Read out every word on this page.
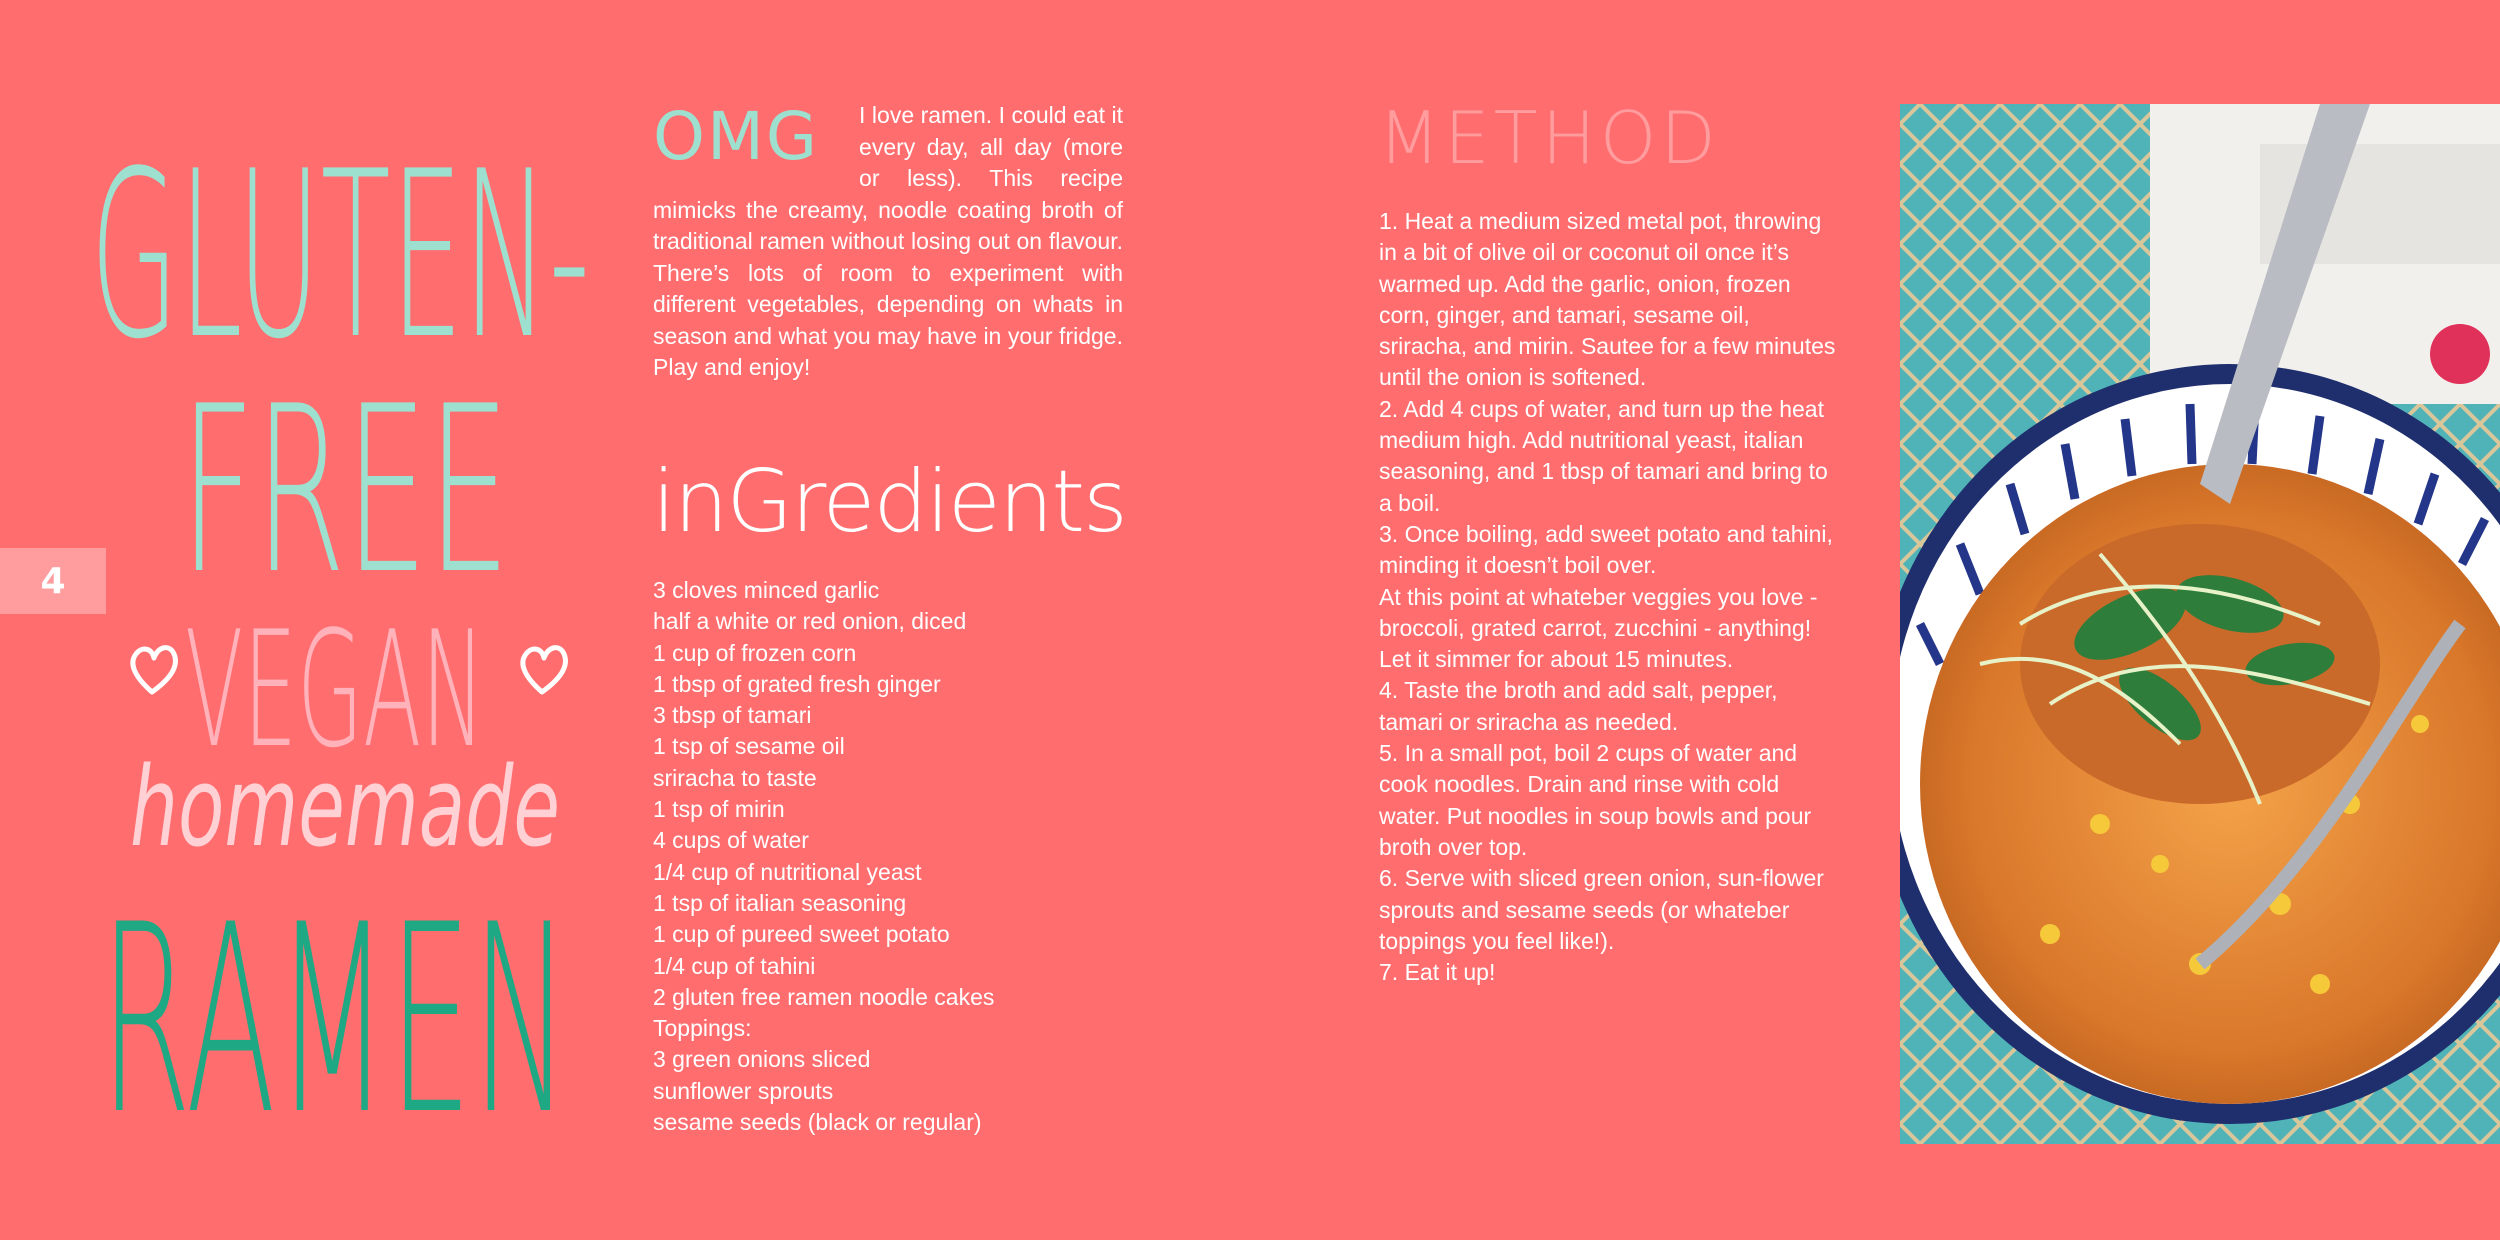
4
GLUTEN-
FREE
VEGAN
homemade
RAMEN
OMG I love ramen. I could eat it every day, all day (more or less). This recipe mimicks the creamy, noodle coating broth of traditional ramen without losing out on flavour. There’s lots of room to experiment with different vegetables, depending on whats in season and what you may have in your fridge. Play and enjoy!
inGredients
3 cloves minced garlic
half a white or red onion, diced
1 cup of frozen corn
1 tbsp of grated fresh ginger
3 tbsp of tamari
1 tsp of sesame oil
sriracha to taste
1 tsp of mirin
4 cups of water
1/4 cup of nutritional yeast
1 tsp of italian seasoning
1 cup of pureed sweet potato
1/4 cup of tahini
2 gluten free ramen noodle cakes
Toppings:
3 green onions sliced
sunflower sprouts
sesame seeds (black or regular)
METHOD
1. Heat a medium sized metal pot, throwing in a bit of olive oil or coconut oil once it’s warmed up. Add the garlic, onion, frozen corn, ginger, and tamari, sesame oil, sriracha, and mirin. Sautee for a few minutes until the onion is softened.
2. Add 4 cups of water, and turn up the heat medium high. Add nutritional yeast, italian seasoning, and 1 tbsp of tamari and bring to a boil.
3. Once boiling, add sweet potato and tahini, minding it doesn’t boil over.
At this point at whateber veggies you love - broccoli, grated carrot, zucchini - anything! Let it simmer for about 15 minutes.
4. Taste the broth and add salt, pepper, tamari or sriracha as needed.
5. In a small pot, boil 2 cups of water and cook noodles. Drain and rinse with cold water. Put noodles in soup bowls and pour broth over top.
6. Serve with sliced green onion, sun-flower sprouts and sesame seeds (or whateber toppings you feel like!).
7. Eat it up!
